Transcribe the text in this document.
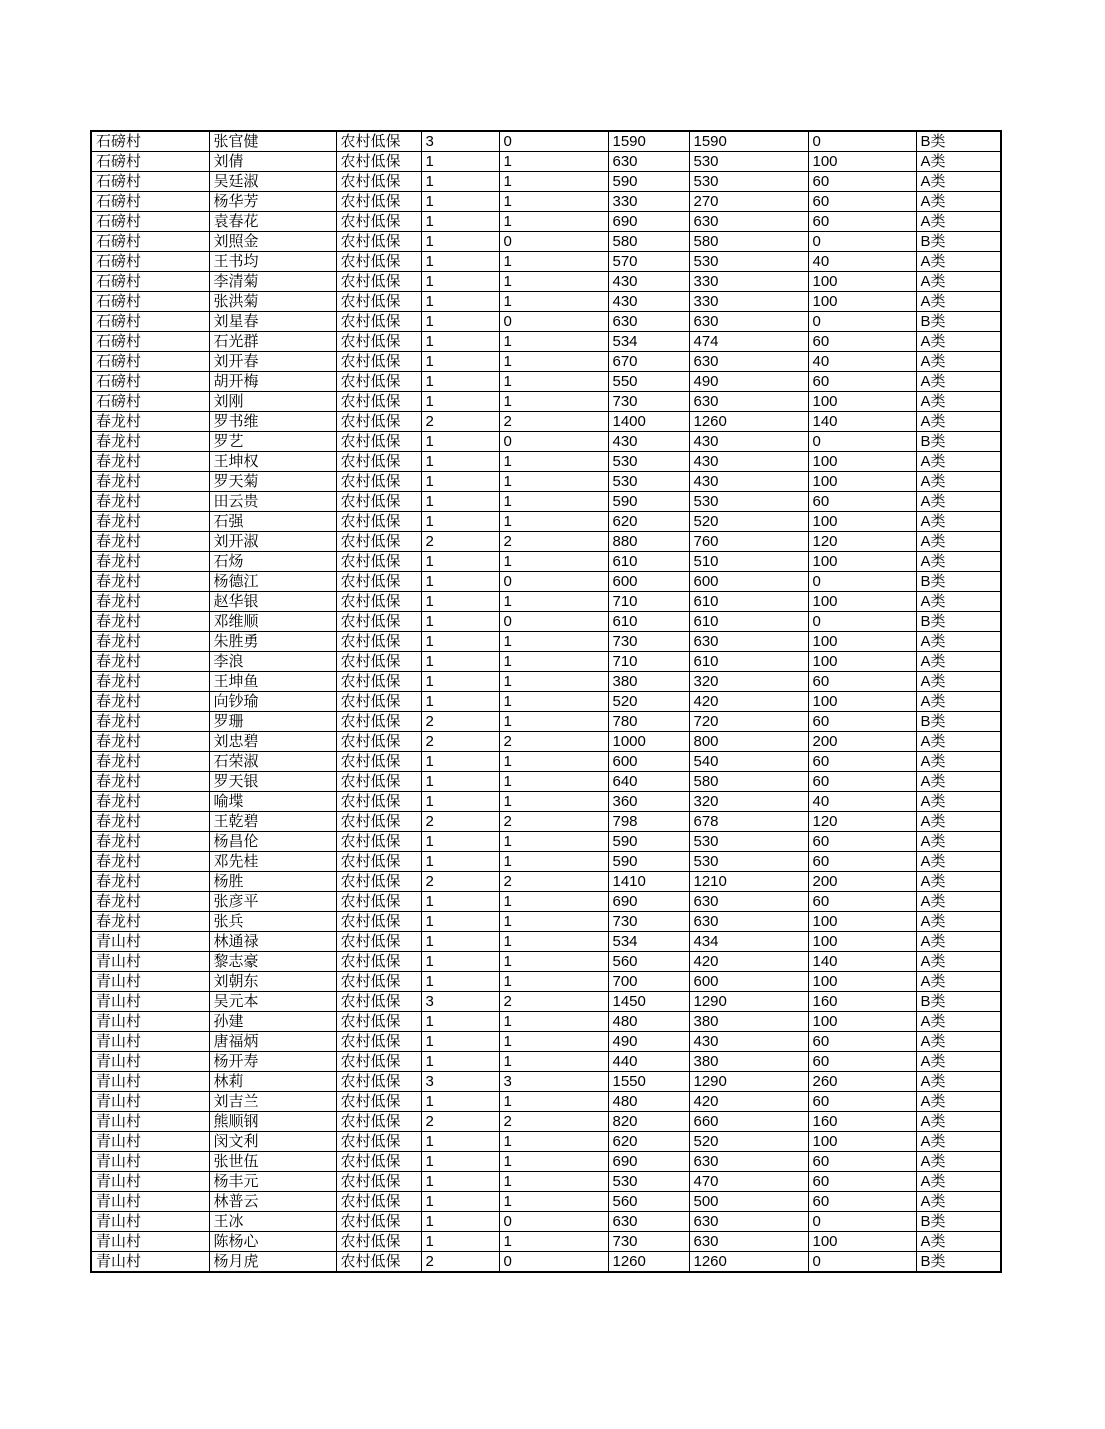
石磅村	张官健	农村低保	3	0	1590	1590	0	B类
石磅村	刘倩	农村低保	1	1	630	530	100	A类
石磅村	吴廷淑	农村低保	1	1	590	530	60	A类
石磅村	杨华芳	农村低保	1	1	330	270	60	A类
石磅村	袁春花	农村低保	1	1	690	630	60	A类
石磅村	刘照金	农村低保	1	0	580	580	0	B类
石磅村	王书均	农村低保	1	1	570	530	40	A类
石磅村	李清菊	农村低保	1	1	430	330	100	A类
石磅村	张洪菊	农村低保	1	1	430	330	100	A类
石磅村	刘星春	农村低保	1	0	630	630	0	B类
石磅村	石光群	农村低保	1	1	534	474	60	A类
石磅村	刘开春	农村低保	1	1	670	630	40	A类
石磅村	胡开梅	农村低保	1	1	550	490	60	A类
石磅村	刘刚	农村低保	1	1	730	630	100	A类
春龙村	罗书维	农村低保	2	2	1400	1260	140	A类
春龙村	罗艺	农村低保	1	0	430	430	0	B类
春龙村	王坤权	农村低保	1	1	530	430	100	A类
春龙村	罗天菊	农村低保	1	1	530	430	100	A类
春龙村	田云贵	农村低保	1	1	590	530	60	A类
春龙村	石强	农村低保	1	1	620	520	100	A类
春龙村	刘开淑	农村低保	2	2	880	760	120	A类
春龙村	石炀	农村低保	1	1	610	510	100	A类
春龙村	杨德江	农村低保	1	0	600	600	0	B类
春龙村	赵华银	农村低保	1	1	710	610	100	A类
春龙村	邓维顺	农村低保	1	0	610	610	0	B类
春龙村	朱胜勇	农村低保	1	1	730	630	100	A类
春龙村	李浪	农村低保	1	1	710	610	100	A类
春龙村	王坤鱼	农村低保	1	1	380	320	60	A类
春龙村	向钞瑜	农村低保	1	1	520	420	100	A类
春龙村	罗珊	农村低保	2	1	780	720	60	B类
春龙村	刘忠碧	农村低保	2	2	1000	800	200	A类
春龙村	石荣淑	农村低保	1	1	600	540	60	A类
春龙村	罗天银	农村低保	1	1	640	580	60	A类
春龙村	喻堞	农村低保	1	1	360	320	40	A类
春龙村	王乾碧	农村低保	2	2	798	678	120	A类
春龙村	杨昌伦	农村低保	1	1	590	530	60	A类
春龙村	邓先桂	农村低保	1	1	590	530	60	A类
春龙村	杨胜	农村低保	2	2	1410	1210	200	A类
春龙村	张彦平	农村低保	1	1	690	630	60	A类
春龙村	张兵	农村低保	1	1	730	630	100	A类
青山村	林通禄	农村低保	1	1	534	434	100	A类
青山村	黎志豪	农村低保	1	1	560	420	140	A类
青山村	刘朝东	农村低保	1	1	700	600	100	A类
青山村	吴元本	农村低保	3	2	1450	1290	160	B类
青山村	孙建	农村低保	1	1	480	380	100	A类
青山村	唐福炳	农村低保	1	1	490	430	60	A类
青山村	杨开寿	农村低保	1	1	440	380	60	A类
青山村	林莉	农村低保	3	3	1550	1290	260	A类
青山村	刘吉兰	农村低保	1	1	480	420	60	A类
青山村	熊顺钢	农村低保	2	2	820	660	160	A类
青山村	闵文利	农村低保	1	1	620	520	100	A类
青山村	张世伍	农村低保	1	1	690	630	60	A类
青山村	杨丰元	农村低保	1	1	530	470	60	A类
青山村	林普云	农村低保	1	1	560	500	60	A类
青山村	王冰	农村低保	1	0	630	630	0	B类
青山村	陈杨心	农村低保	1	1	730	630	100	A类
青山村	杨月虎	农村低保	2	0	1260	1260	0	B类
